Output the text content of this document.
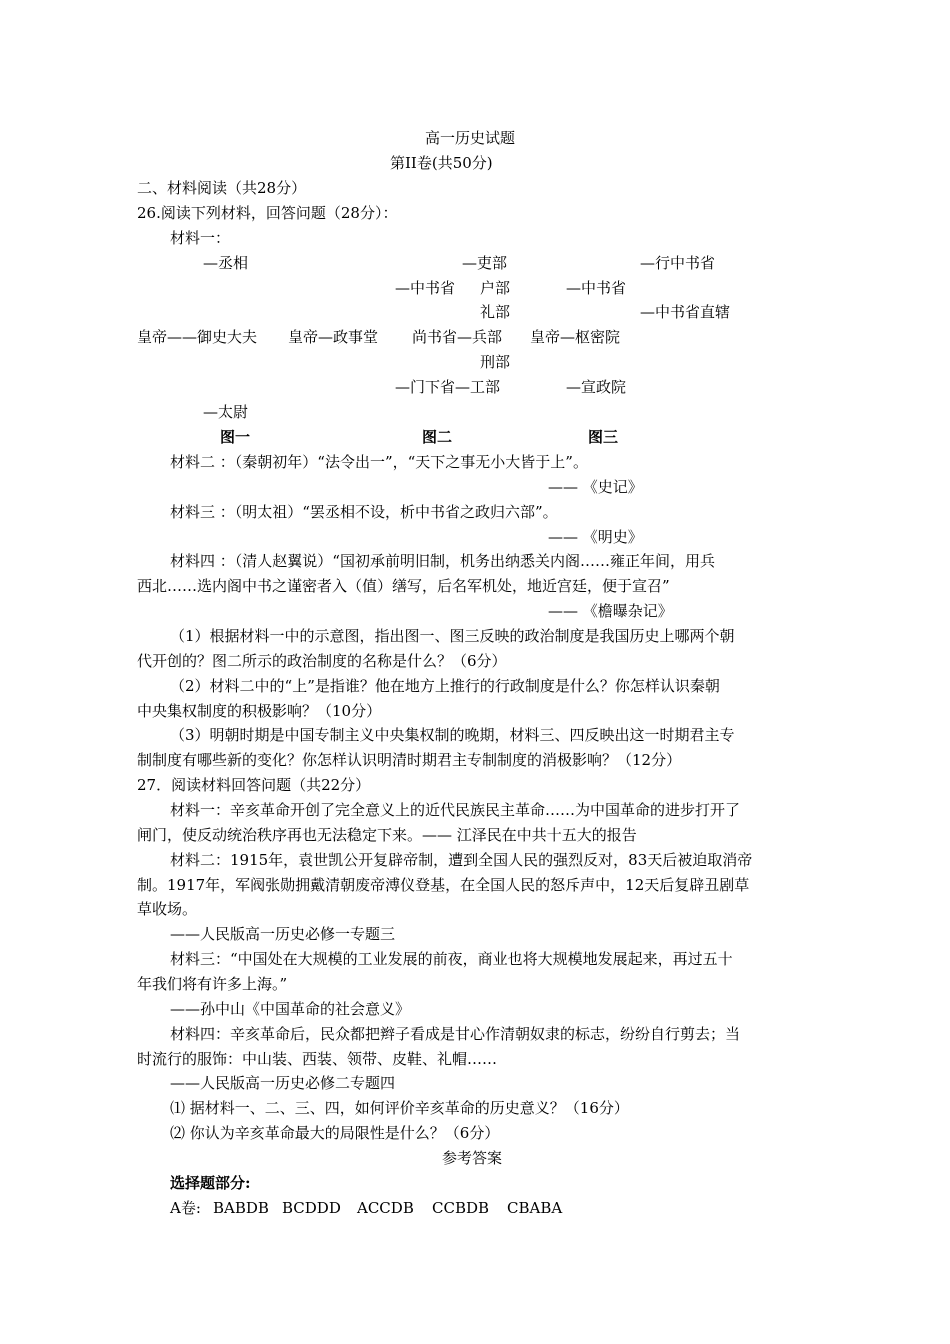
高一历史试题
第II卷(共50分)
二、材料阅读（共28分）
26.阅读下列材料，回答问题（28分）：
材料一：
—丞相
皇帝——御史大夫
—太尉
图一
—吏部
—中书省 户部
礼部
皇帝—政事堂 尚书省—兵部
刑部
—门下省—工部
图二
—行中书省
—中书省
—中书省直辖
皇帝—枢密院
—宣政院
图三
材料二 ：（秦朝初年）“法令出一”，“天下之事无小大皆于上”。
—— 《史记》
材料三 ：（明太祖）“罢丞相不设，析中书省之政归六部”。
—— 《明史》
材料四 ：（清人赵翼说）“国初承前明旧制，机务出纳悉关内阁……雍正年间，用兵
西北……选内阁中书之谨密者入（值）缮写，后名军机处，地近宫廷，便于宣召”
—— 《檐曝杂记》
（1）根据材料一中的示意图，指出图一、图三反映的政治制度是我国历史上哪两个朝
代开创的？图二所示的政治制度的名称是什么？（6分）
（2）材料二中的“上”是指谁？他在地方上推行的行政制度是什么？你怎样认识秦朝
中央集权制度的积极影响？（10分）
（3）明朝时期是中国专制主义中央集权制的晚期，材料三、四反映出这一时期君主专
制制度有哪些新的变化？你怎样认识明清时期君主专制制度的消极影响？（12分）
27．阅读材料回答问题（共22分）
材料一：辛亥革命开创了完全意义上的近代民族民主革命……为中国革命的进步打开了
闸门，使反动统治秩序再也无法稳定下来。—— 江泽民在中共十五大的报告
材料二：1915年，袁世凯公开复辟帝制，遭到全国人民的强烈反对，83天后被迫取消帝
制。1917年，军阀张勋拥戴清朝废帝溥仪登基，在全国人民的怒斥声中，12天后复辟丑剧草
草收场。
——人民版高一历史必修一专题三
材料三：“中国处在大规模的工业发展的前夜，商业也将大规模地发展起来，再过五十
年我们将有许多上海。”
——孙中山《中国革命的社会意义》
材料四：辛亥革命后，民众都把辫子看成是甘心作清朝奴隶的标志，纷纷自行剪去；当
时流行的服饰：中山装、西装、领带、皮鞋、礼帽……
——人民版高一历史必修二专题四
⑴ 据材料一、二、三、四，如何评价辛亥革命的历史意义？（16分）
⑵ 你认为辛亥革命最大的局限性是什么？（6分）
参考答案
选择题部分:
A卷: BABDB BCDDD ACCDB CCBDB CBABA
